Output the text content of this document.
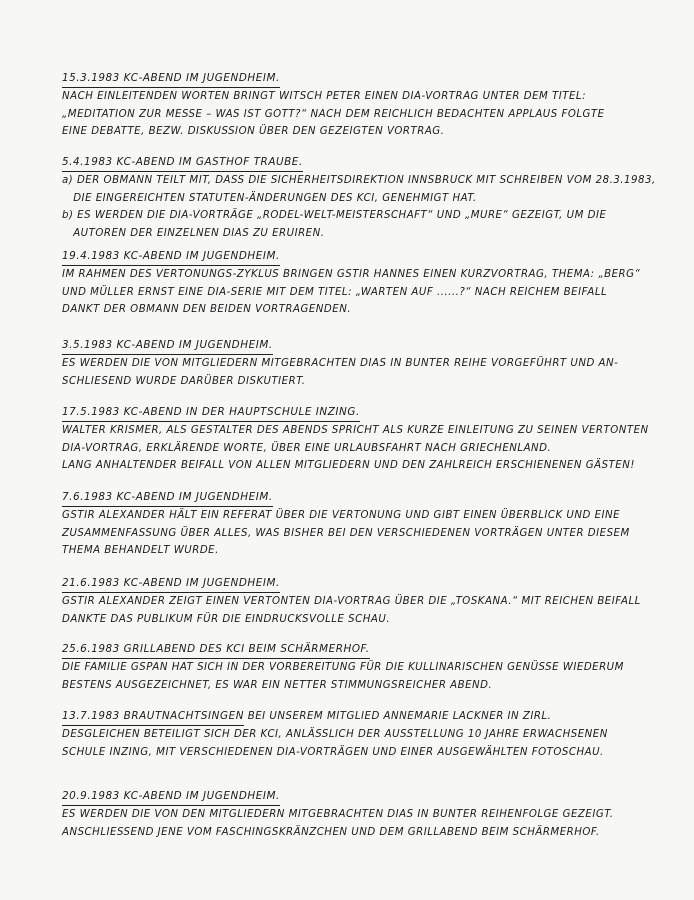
15.3.1983 KC-ABEND IM JUGENDHEIM.
NACH EINLEITENDEN WORTEN BRINGT WITSCH PETER EINEN DIA-VORTRAG UNTER DEM TITEL:
„MEDITATION ZUR MESSE – WAS IST GOTT?“ NACH DEM REICHLICH BEDACHTEN APPLAUS FOLGTE
EINE DEBATTE, BEZW. DISKUSSION ÜBER DEN GEZEIGTEN VORTRAG.
5.4.1983 KC-ABEND IM GASTHOF TRAUBE.
a) DER OBMANN TEILT MIT, DASS DIE SICHERHEITSDIREKTION INNSBRUCK MIT SCHREIBEN VOM 28.3.1983,
DIE EINGEREICHTEN STATUTEN-ÄNDERUNGEN DES KCI, GENEHMIGT HAT.
b) ES WERDEN DIE DIA-VORTRÄGE „RODEL-WELT-MEISTERSCHAFT“ UND „MURE“ GEZEIGT, UM DIE
AUTOREN DER EINZELNEN DIAS ZU ERUIREN.
19.4.1983 KC-ABEND IM JUGENDHEIM.
IM RAHMEN DES VERTONUNGS-ZYKLUS BRINGEN GSTIR HANNES EINEN KURZVORTRAG, THEMA: „BERG“
UND MÜLLER ERNST EINE DIA-SERIE MIT DEM TITEL: „WARTEN AUF ......?“ NACH REICHEM BEIFALL
DANKT DER OBMANN DEN BEIDEN VORTRAGENDEN.
3.5.1983 KC-ABEND IM JUGENDHEIM.
ES WERDEN DIE VON MITGLIEDERN MITGEBRACHTEN DIAS IN BUNTER REIHE VORGEFÜHRT UND AN-
SCHLIESEND WURDE DARÜBER DISKUTIERT.
17.5.1983 KC-ABEND IN DER HAUPTSCHULE INZING.
WALTER KRISMER, ALS GESTALTER DES ABENDS SPRICHT ALS KURZE EINLEITUNG ZU SEINEN VERTONTEN
DIA-VORTRAG, ERKLÄRENDE WORTE, ÜBER EINE URLAUBSFAHRT NACH GRIECHENLAND.
LANG ANHALTENDER BEIFALL VON ALLEN MITGLIEDERN UND DEN ZAHLREICH ERSCHIENENEN GÄSTEN!
7.6.1983 KC-ABEND IM JUGENDHEIM.
GSTIR ALEXANDER HÄLT EIN REFERAT ÜBER DIE VERTONUNG UND GIBT EINEN ÜBERBLICK UND EINE
ZUSAMMENFASSUNG ÜBER ALLES, WAS BISHER BEI DEN VERSCHIEDENEN VORTRÄGEN UNTER DIESEM
THEMA BEHANDELT WURDE.
21.6.1983 KC-ABEND IM JUGENDHEIM.
GSTIR ALEXANDER ZEIGT EINEN VERTONTEN DIA-VORTRAG ÜBER DIE „TOSKANA.“ MIT REICHEN BEIFALL
DANKTE DAS PUBLIKUM FÜR DIE EINDRUCKSVOLLE SCHAU.
25.6.1983 GRILLABEND DES KCI BEIM SCHÄRMERHOF.
DIE FAMILIE GSPAN HAT SICH IN DER VORBEREITUNG FÜR DIE KULLINARISCHEN GENÜSSE WIEDERUM
BESTENS AUSGEZEICHNET, ES WAR EIN NETTER STIMMUNGSREICHER ABEND.
13.7.1983 BRAUTNACHTSINGEN BEI UNSEREM MITGLIED ANNEMARIE LACKNER IN ZIRL.
DESGLEICHEN BETEILIGT SICH DER KCI, ANLÄSSLICH DER AUSSTELLUNG 10 JAHRE ERWACHSENEN
SCHULE INZING, MIT VERSCHIEDENEN DIA-VORTRÄGEN UND EINER AUSGEWÄHLTEN FOTOSCHAU.
20.9.1983 KC-ABEND IM JUGENDHEIM.
ES WERDEN DIE VON DEN MITGLIEDERN MITGEBRACHTEN DIAS IN BUNTER REIHENFOLGE GEZEIGT.
ANSCHLIESSEND JENE VOM FASCHINGSKRÄNZCHEN UND DEM GRILLABEND BEIM SCHÄRMERHOF.
